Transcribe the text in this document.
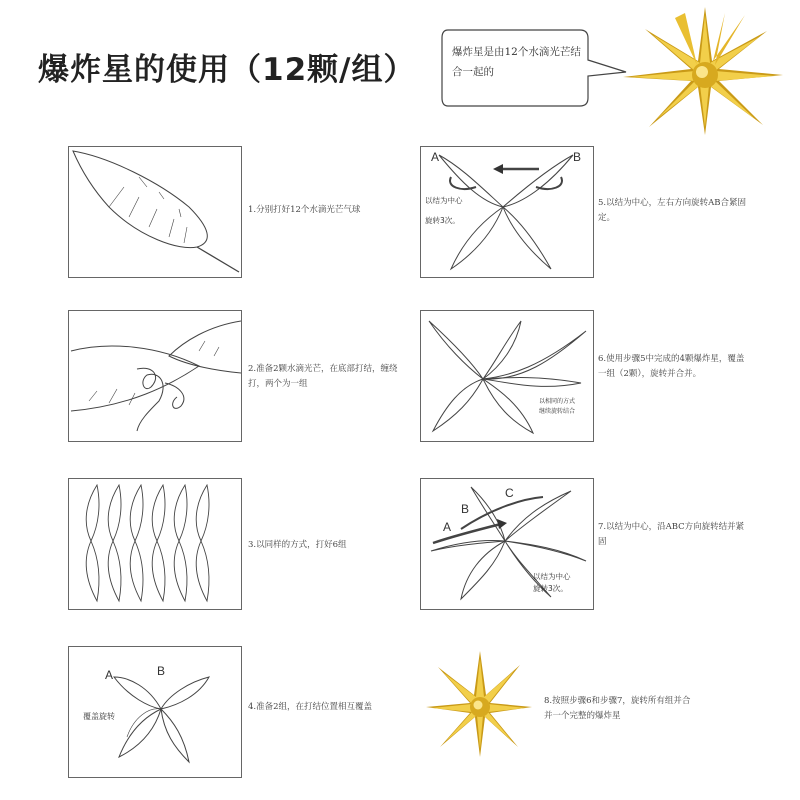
爆炸星的使用（12颗/组）	爆炸星是由12个水滴光芒结合一起的
1.分别打好12个水滴光芒气球
2.准备2颗水滴光芒，在底部打结，缠绕打，两个为一组
3.以同样的方式，打好6组
A	B
覆盖旋转
4.准备2组，在打结位置相互覆盖
A	B
以结为中心
旋转3次。
5.以结为中心，左右方向旋转AB合紧固定。
以相同的方式
继续旋转结合
6.使用步骤5中完成的4颗爆炸星，覆盖一组（2颗），旋转并合并。
A
B
C
以结为中心
旋转3次。
7.以结为中心，沿ABC方向旋转结并紧固
8.按照步骤6和步骤7，旋转所有组并合并一个完整的爆炸星
